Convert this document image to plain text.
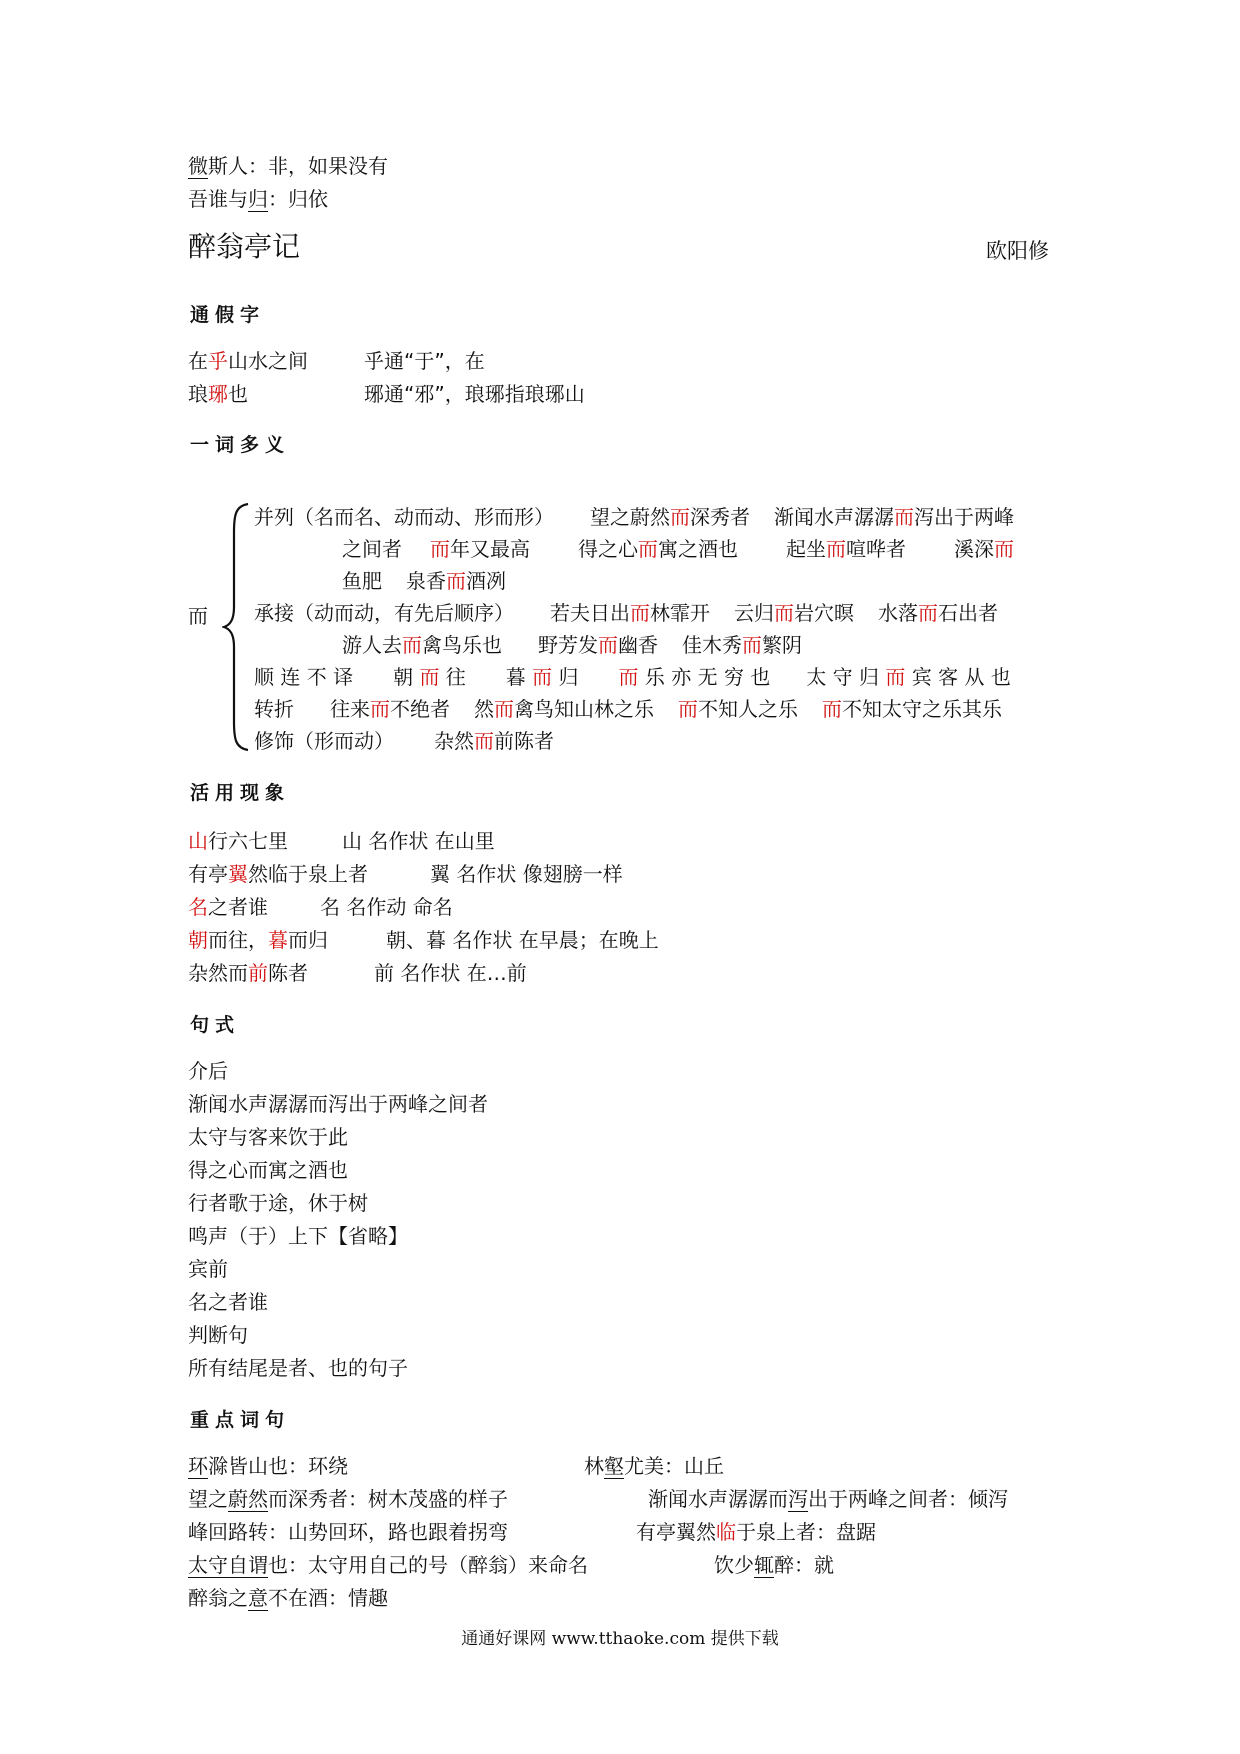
微斯人：非，如果没有
吾谁与归：归依
醉翁亭记	欧阳修
通假字
在乎山水之间	乎通“于”，在
琅琊也	琊通“邪”，琅琊指琅琊山
一词多义
而
并列（名而名、动而动、形而形） 望之蔚然而深秀者 渐闻水声潺潺而泻出于两峰
之间者 而年又最高 得之心而寓之酒也 起坐而喧哗者 溪深而
鱼肥 泉香而酒冽
承接（动而动，有先后顺序） 若夫日出而林霏开 云归而岩穴暝 水落而石出者
游人去而禽鸟乐也 野芳发而幽香 佳木秀而繁阴
顺 连 不 译 朝 而 往 暮 而 归 而 乐 亦 无 穷 也 太 守 归 而 宾 客 从 也
转折 往来而不绝者 然而禽鸟知山林之乐 而不知人之乐 而不知太守之乐其乐
修饰（形而动） 杂然而前陈者
活用现象
山行六七里	山 名作状 在山里
有亭翼然临于泉上者	翼 名作状 像翅膀一样
名之者谁	名 名作动 命名
朝而往，暮而归	朝、暮 名作状 在早晨；在晚上
杂然而前陈者	前 名作状 在…前
句式
介后
渐闻水声潺潺而泻出于两峰之间者
太守与客来饮于此
得之心而寓之酒也
行者歌于途，休于树
鸣声（于）上下【省略】
宾前
名之者谁
判断句
所有结尾是者、也的句子
重点词句
环滁皆山也：环绕	林壑尤美：山丘
望之蔚然而深秀者：树木茂盛的样子	渐闻水声潺潺而泻出于两峰之间者：倾泻
峰回路转：山势回环，路也跟着拐弯	有亭翼然临于泉上者：盘踞
太守自谓也：太守用自己的号（醉翁）来命名	饮少辄醉：就
醉翁之意不在酒：情趣
通通好课网 www.tthaoke.com 提供下载
